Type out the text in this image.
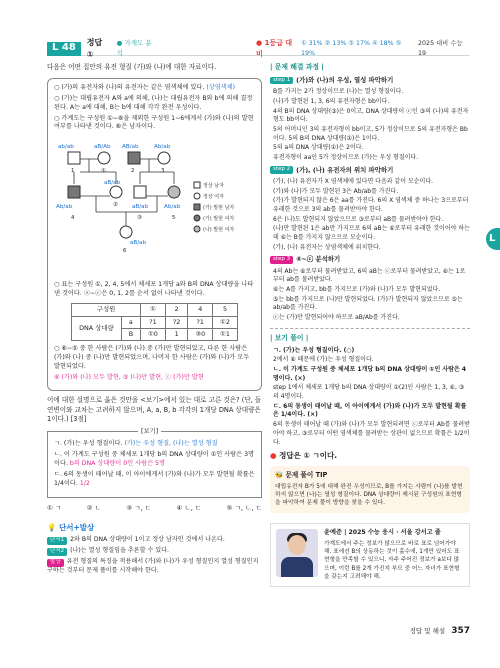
L
L
48 정답 ①
● 가계도 분석
● 1등급 대비
① 31% ② 13% ③ 17% ④ 18% ⑤ 19%
2025 대비 수능 19
다음은 어떤 집안의 유전 형질 (가)와 (나)에 대한 자료이다.
○ (가)의 유전자와 (나)의 유전자는 같은 염색체에 있다. (상염색체)
○ (가)는 대립유전자 A와 a에 의해, (나)는 대립유전자 B와 b에 의해 결정된다. A는 a에 대해, B는 b에 대해 각각 완전 우성이다.
○ 가계도는 구성원 ①∼⑥을 제외한 구성원 1∼6에게서 (가)와 (나)의 발현 여부를 나타낸 것이다. ⑥은 남자이다.
ab/ab	aB/Ab AB/ab	Ab/ab
Ab/ab
aB/ab
aB/ab	Ab/ab
aB/ab
1	①	2	3
4
②
③	5
6
정상 남자
정상 여자
(가) 발현 남자
(가) 발현 여자
(나) 발현 여자
○ 표는 구성원 ①, 2, 4, 5에서 체세포 1개당 a와 B의 DNA 상대량을 나타낸 것이다. ⓐ∼ⓒ은 0, 1, 2를 순서 없이 나타낸 것이다.
구성원		①	2	4	5
DNA 상대량	a	?1	?2	?1	①2
	B	①0	1	③0	①1
○ ⑥∼⑤ 중 한 사람은 (가)와 (나) 중 (가)만 발현되었고, 다른 한 사람은 (가)와 (나) 중 (나)만 발현되었으며, 나머지 한 사람은 (가)와 (나)가 모두 발현되었다.
⑥ (가)와 (나) 모두 발현, ⑤ (나)만 발현, ⓒ (가)만 발현
이에 대한 설명으로 옳은 것만을 <보기>에서 있는 대로 고른 것은? (단, 돌연변이와 교차는 고려하지 않으며, A, a, B, b 각각의 1개당 DNA 상대량은 1이다.) [3점]
[보기]
ㄱ. (가)는 우성 형질이다. (가)는 우성 형질, (나)는 열성 형질
ㄴ. 이 가계도 구성원 중 체세포 1개당 b의 DNA 상대량이 ①인 사람은 3명이다. b의 DNA 상대량이 0인 사람은 5명
ㄷ. 6의 동생이 태어날 때, 이 아이에게서 (가)와 (나)가 모두 발현될 확률은 1/4이다. 1/2
① ㄱ	② ㄴ	③ ㄱ, ㄷ	④ ㄴ, ㄷ	⑤ ㄱ, ㄴ, ㄷ
💡 단서+발상
단서1 2와 B의 DNA 상대량이 1이고 정상 남자인 것에서 나온다.
단서2 (나)는 열성 형질임을 추론할 수 있다.
발상 유전 형질의 특징을 적용해서 (가)와 (나)가 우성 형질인지 열성 형질인지 구하는 것부터 문제 풀이를 시작해야 한다.
| 문제 해결 과정 |
step 1 (가)와 (나)의 우성, 열성 파악하기
B를 가지는 2가 정상이므로 (나)는 열성 형질이다.
(나)가 발현된 1, 3, 6의 유전자형은 bb이다.
4의 B의 DNA 상대량(③)은 0이고, DNA 상대량이 ⓒ인 ③의 (나)의 유전자형도 bb이다.
5의 어머니인 3의 유전자형이 bb이고, 5가 정상이므로 5의 유전자형은 Bb이다. 5의 B의 DNA 상대량(①)은 1이다.
5의 a의 DNA 상대량(①)은 2이다.
유전자형이 aa인 5가 정상이므로 (가)는 우성 형질이다.
step 2 (가), (나) 유전자의 위치 파악하기
(가), (나) 유전자가 X 염색체에 있다면 다음과 같이 모순이다.
(가)와 (나)가 모두 발현된 3은 Ab/ab를 가진다.
(가)가 발현되지 않은 6은 aa를 가진다. 6의 X 염색체 중 하나는 3으로부터 유래한 것으로 3의 ab를 물려받아야 한다.
6은 (나)도 발현되지 않았으므로 ③로부터 aB를 물려받아야 한다.
(나)만 발현된 1은 ab만 가지므로 6의 aB는 ⑥로부터 유래한 것이어야 하는데 ⑥는 B를 가지지 않으므로 모순이다.
(가), (나) 유전자는 상염색체에 위치한다.
step 3 ⑥∼ⓒ 분석하기
4의 Ab는 ⑥로부터 물려받았고, 6의 aB는 ⓒ로부터 물려받았고, ⑥는 1로부터 ab를 물려받았다.
⑥는 A를 가지고, bb를 가지므로 (가)와 (나)가 모두 발현되었다.
⑤는 bb를 가지므로 (나)만 발현되었다. (가)가 발현되지 않았으므로 ⑤는 ab/ab를 가진다.
ⓒ는 (가)만 발현되어야 하므로 aB/Ab를 가진다.
| 보기 풀이 |
ㄱ. (가)는 우성 형질이다. (○)
2에서 ⑥ 때문에 (가)는 우성 형질이다.
ㄴ. 이 가계도 구성원 중 체세포 1개당 b의 DNA 상대량이 ①인 사람은 4명이다. (×)
step 1에서 체세포 1개당 b의 DNA 상대량이 ①(2)인 사람은 1, 3, ⑥, ③의 4명이다.
ㄷ. 6의 동생이 태어날 때, 이 아이에게서 (가)와 (나)가 모두 발현될 확률은 1/4이다. (×)
6의 동생이 태어날 때 (가)와 (나)가 모두 발현되려면 ⓒ로부터 Ab를 물려받아야 하고, ③로부터 어떤 염색체를 물려받는 상관이 없으므로 확률은 1/2이다.
● 정답은 ① ㄱ이다.
🐝 문제 풀이 TIP
대립유전자 B가 5에 대해 완전 우성이므로, B를 가지는 사람이 (나)를 발현하지 않으면 (나)는 열성 형질이다. DNA 상대량이 제시된 구성원의 표현형을 파악하여 문제 풀이 방향을 찾을 수 있다.
윤예준 | 2025 수능 응시 · 서울 강서고 졸
가계도에서 주는 정보가 많으므로 바로 표로 넘어가야 해. 표에선 B의 상동하는 것이 홀수에, 1개만 있어도 표현형을 만족할 수 있으니, 자주 주어진 정보가 a보다 많으며, 이런 B를 2개 가진지 부모 중 어느 자녀가 표현형을 갖는지 고려해야 해.
정답 및 해설 357
